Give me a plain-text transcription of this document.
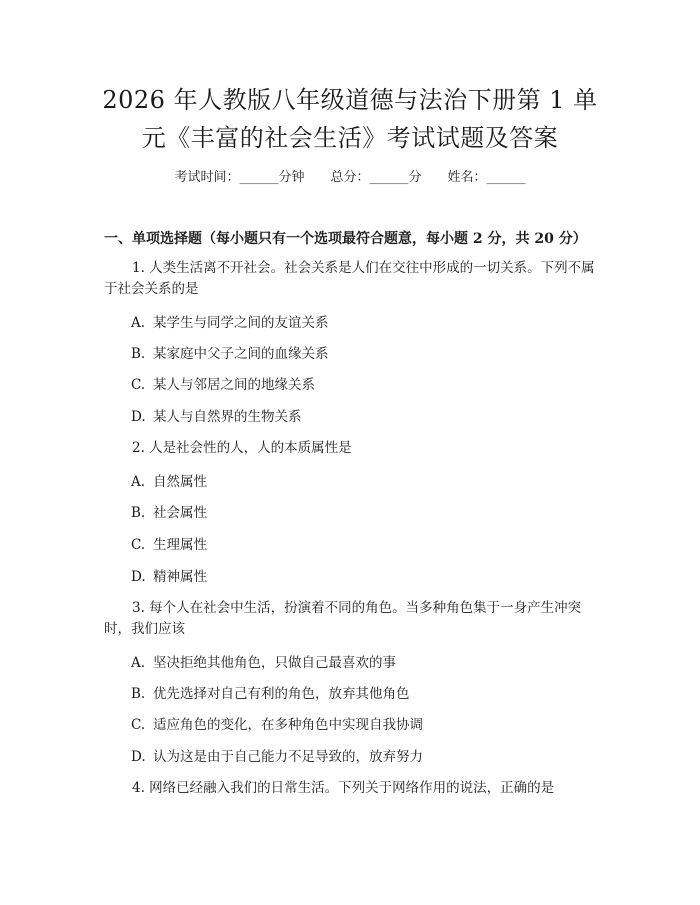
2026 年人教版八年级道德与法治下册第 1 单
元《丰富的社会生活》考试试题及答案
考试时间：______分钟　　总分：______分　　姓名：______
一、单项选择题（每小题只有一个选项最符合题意，每小题 2 分，共 20 分）
1. 人类生活离不开社会。社会关系是人们在交往中形成的一切关系。下列不属于社会关系的是
A. 某学生与同学之间的友谊关系
B. 某家庭中父子之间的血缘关系
C. 某人与邻居之间的地缘关系
D. 某人与自然界的生物关系
2. 人是社会性的人，人的本质属性是
A. 自然属性
B. 社会属性
C. 生理属性
D. 精神属性
3. 每个人在社会中生活，扮演着不同的角色。当多种角色集于一身产生冲突时，我们应该
A. 坚决拒绝其他角色，只做自己最喜欢的事
B. 优先选择对自己有利的角色，放弃其他角色
C. 适应角色的变化，在多种角色中实现自我协调
D. 认为这是由于自己能力不足导致的，放弃努力
4. 网络已经融入我们的日常生活。下列关于网络作用的说法，正确的是
